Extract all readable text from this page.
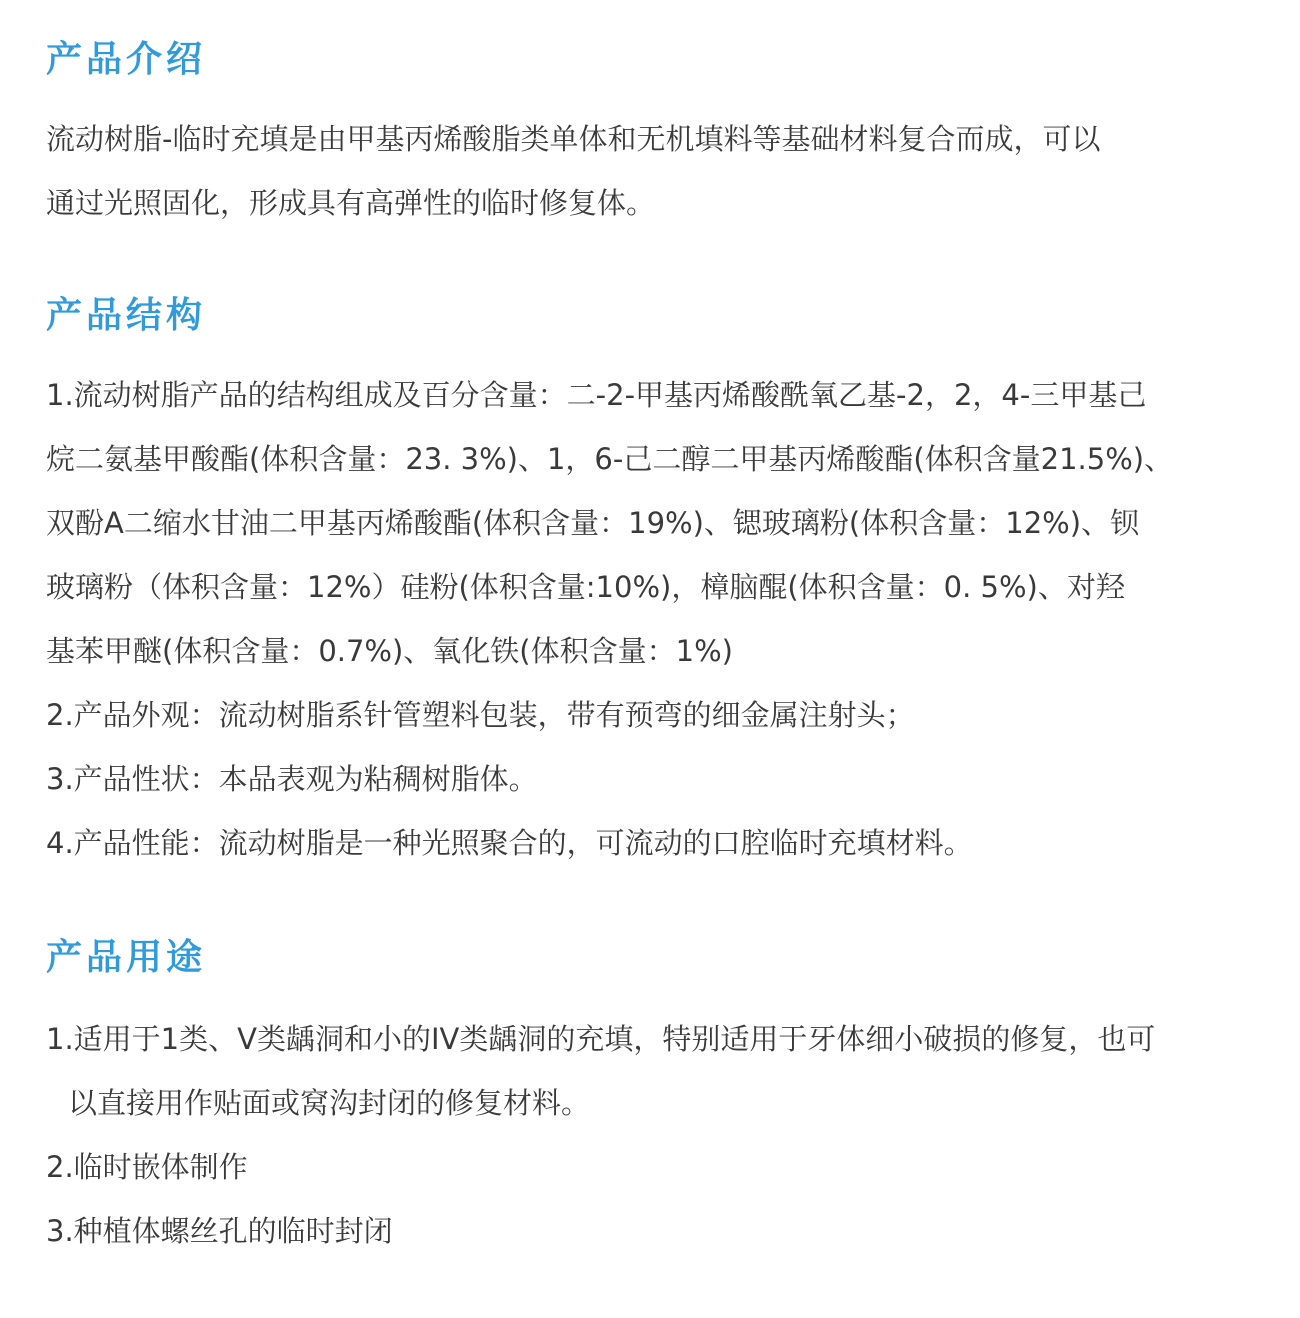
产品介绍
流动树脂-临时充填是由甲基丙烯酸脂类单体和无机填料等基础材料复合而成，可以
通过光照固化，形成具有高弹性的临时修复体。
产品结构
1.流动树脂产品的结构组成及百分含量：二-2-甲基丙烯酸酰氧乙基-2，2，4-三甲基己
烷二氨基甲酸酯(体积含量：23. 3%)、1，6-己二醇二甲基丙烯酸酯(体积含量21.5%)、
双酚A二缩水甘油二甲基丙烯酸酯(体积含量：19%)、锶玻璃粉(体积含量：12%)、钡
玻璃粉（体积含量：12%）硅粉(体积含量:10%)，樟脑醌(体积含量：0. 5%)、对羟
基苯甲醚(体积含量：0.7%)、氧化铁(体积含量：1%)
2.产品外观：流动树脂系针管塑料包装，带有预弯的细金属注射头；
3.产品性状：本品表观为粘稠树脂体。
4.产品性能：流动树脂是一种光照聚合的，可流动的口腔临时充填材料。
产品用途
1.适用于1类、V类龋洞和小的IV类龋洞的充填，特别适用于牙体细小破损的修复，也可
以直接用作贴面或窝沟封闭的修复材料。
2.临时嵌体制作
3.种植体螺丝孔的临时封闭
